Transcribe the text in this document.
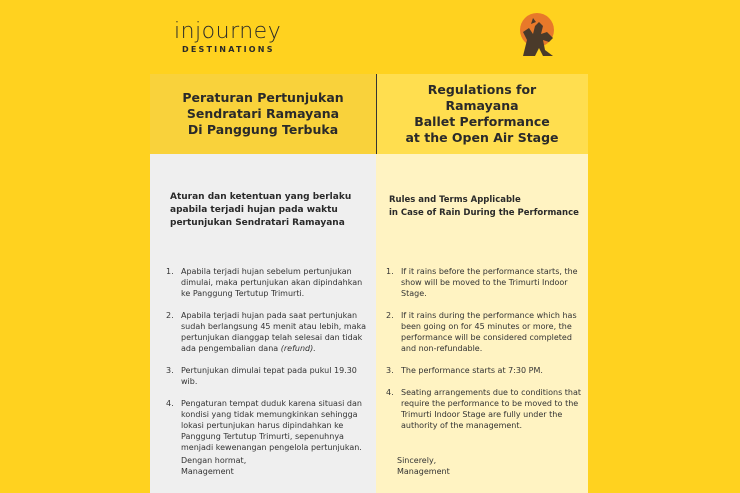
injourney
DESTINATIONS
Peraturan Pertunjukan
Sendratari Ramayana
Di Panggung Terbuka
Aturan dan ketentuan yang berlaku apabila terjadi hujan pada waktu pertunjukan Sendratari Ramayana
1. Apabila terjadi hujan sebelum pertunjukan dimulai, maka pertunjukan akan dipindahkan ke Panggung Tertutup Trimurti.
2. Apabila terjadi hujan pada saat pertunjukan sudah berlangsung 45 menit atau lebih, maka pertunjukan dianggap telah selesai dan tidak ada pengembalian dana (refund).
3. Pertunjukan dimulai tepat pada pukul 19.30 wib.
4. Pengaturan tempat duduk karena situasi dan kondisi yang tidak memungkinkan sehingga lokasi pertunjukan harus dipindahkan ke Panggung Tertutup Trimurti, sepenuhnya menjadi kewenangan pengelola pertunjukan.
Dengan hormat,
Management
Regulations for Ramayana
Ballet Performance
at the Open Air Stage
Rules and Terms Applicable
in Case of Rain During the Performance
1. If it rains before the performance starts, the show will be moved to the Trimurti Indoor Stage.
2. If it rains during the performance which has been going on for 45 minutes or more, the performance will be considered completed and non-refundable.
3. The performance starts at 7:30 PM.
4. Seating arrangements due to conditions that require the performance to be moved to the Trimurti Indoor Stage are fully under the authority of the management.
Sincerely,
Management
